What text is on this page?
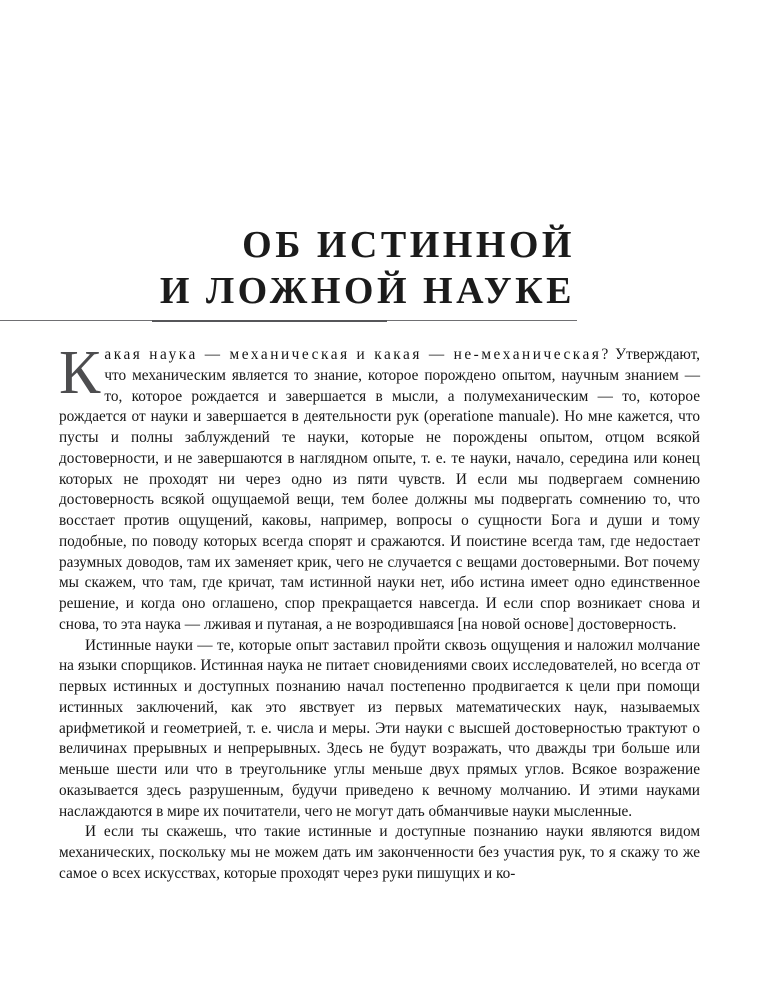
ОБ ИСТИННОЙ
И ЛОЖНОЙ НАУКЕ

Какая наука — механическая и какая — не-механическая? Утверждают, что механическим является то знание, которое порождено опытом, научным знанием — то, которое рождается и завершается в мысли, а полумеханическим — то, которое рождается от науки и завершается в деятельности рук (operatione manuale). Но мне кажется, что пусты и полны заблуждений те науки, которые не порождены опытом, отцом всякой достоверности, и не завершаются в наглядном опыте, т. е. те науки, начало, середина или конец которых не проходят ни через одно из пяти чувств. И если мы подвергаем сомнению достоверность всякой ощущаемой вещи, тем более должны мы подвергать сомнению то, что восстает против ощущений, каковы, например, вопросы о сущности Бога и души и тому подобные, по поводу которых всегда спорят и сражаются. И поистине всегда там, где недостает разумных доводов, там их заменяет крик, чего не случается с вещами достоверными. Вот почему мы скажем, что там, где кричат, там истинной науки нет, ибо истина имеет одно единственное решение, и когда оно оглашено, спор прекращается навсегда. И если спор возникает снова и снова, то эта наука — лживая и путаная, а не возродившаяся [на новой основе] достоверность.

Истинные науки — те, которые опыт заставил пройти сквозь ощущения и наложил молчание на языки спорщиков. Истинная наука не питает сновидениями своих исследователей, но всегда от первых истинных и доступных познанию начал постепенно продвигается к цели при помощи истинных заключений, как это явствует из первых математических наук, называемых арифметикой и геометрией, т. е. числа и меры. Эти науки с высшей достоверностью трактуют о величинах прерывных и непрерывных. Здесь не будут возражать, что дважды три больше или меньше шести или что в треугольнике углы меньше двух прямых углов. Всякое возражение оказывается здесь разрушенным, будучи приведено к вечному молчанию. И этими науками наслаждаются в мире их почитатели, чего не могут дать обманчивые науки мысленные.

И если ты скажешь, что такие истинные и доступные познанию науки являются видом механических, поскольку мы не можем дать им законченности без участия рук, то я скажу то же самое о всех искусствах, которые проходят через руки пишущих и ко-
